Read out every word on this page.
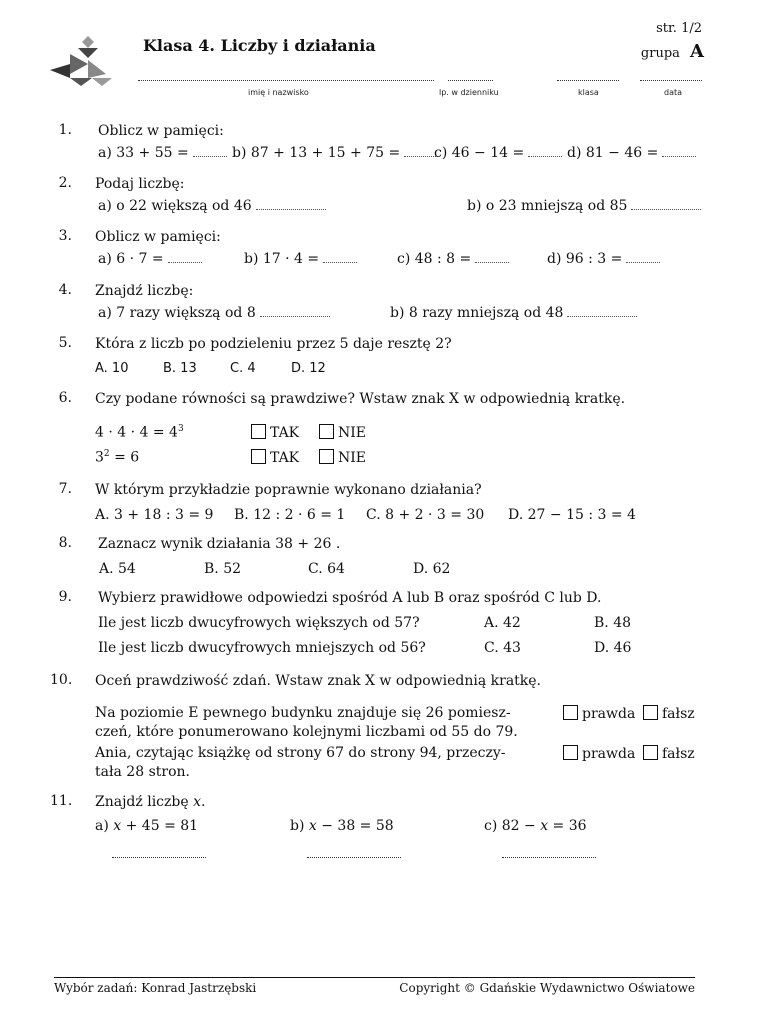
Klasa 4. Liczby i działania
str. 1/2
grupa A
imię i nazwisko	lp. w dzienniku	klasa	data
1. Oblicz w pamięci:
a) 33 + 55 =	b) 87 + 13 + 15 + 75 =	c) 46 − 14 =	d) 81 − 46 =
2. Podaj liczbę:
a) o 22 większą od 46	b) o 23 mniejszą od 85
3. Oblicz w pamięci:
a) 6 · 7 =	b) 17 · 4 =	c) 48 : 8 =	d) 96 : 3 =
4. Znajdź liczbę:
a) 7 razy większą od 8	b) 8 razy mniejszą od 48
5. Która z liczb po podzieleniu przez 5 daje resztę 2?
A. 10	B. 13	C. 4	D. 12
6. Czy podane równości są prawdziwe? Wstaw znak X w odpowiednią kratkę.
$4 \cdot 4 \cdot 4 = 4^3$	TAK	NIE
$3^2 = 6$	TAK	NIE
7. W którym przykładzie poprawnie wykonano działania?
A. 3 + 18 : 3 = 9 B. 12 : 2 · 6 = 1 C. 8 + 2 · 3 = 30 D. 27 − 15 : 3 = 4
8. Zaznacz wynik działania 38 + 26 .
A. 54	B. 52	C. 64	D. 62
9. Wybierz prawidłowe odpowiedzi spośród A lub B oraz spośród C lub D.
Ile jest liczb dwucyfrowych większych od 57?	A. 42	B. 48
Ile jest liczb dwucyfrowych mniejszych od 56?	C. 43	D. 46
10. Oceń prawdziwość zdań. Wstaw znak X w odpowiednią kratkę.
Na poziomie E pewnego budynku znajduje się 26 pomiesz-
czeń, które ponumerowano kolejnymi liczbami od 55 do 79.
prawda	fałsz
Ania, czytając książkę od strony 67 do strony 94, przeczy-
tała 28 stron.
prawda	fałsz
11. Znajdź liczbę x.
a) x + 45 = 81	b) x − 38 = 58	c) 82 − x = 36
Wybór zadań: Konrad Jastrzębski	Copyright © Gdańskie Wydawnictwo Oświatowe
